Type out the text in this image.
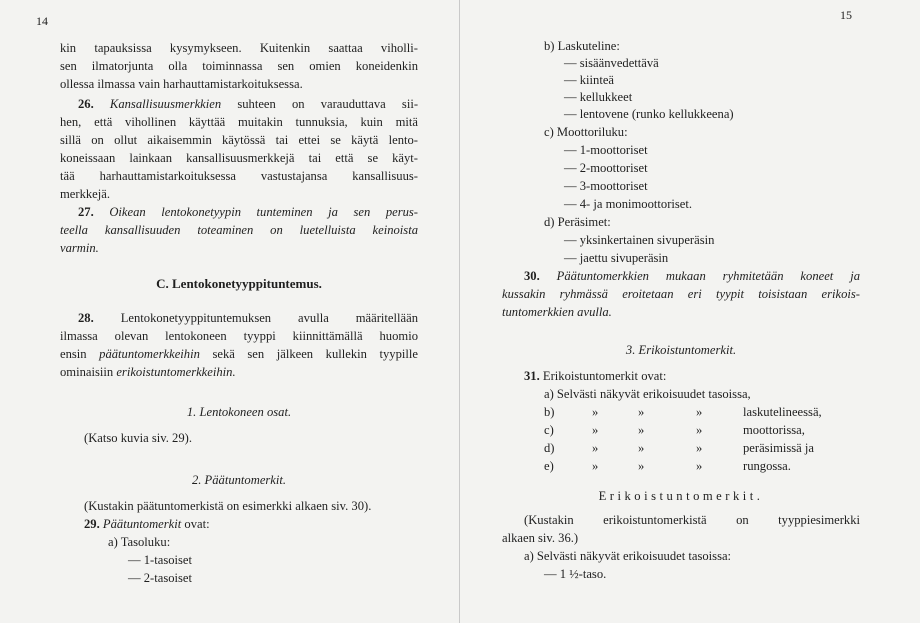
14
kin tapauksissa kysymykseen. Kuitenkin saattaa viholli-
sen ilmatorjunta olla toiminnassa sen omien koneidenkin
ollessa ilmassa vain harhauttamistarkoituksessa.
26. Kansallisuusmerkkien suhteen on varauduttava sii-
hen, että vihollinen käyttää muitakin tunnuksia, kuin mitä
sillä on ollut aikaisemmin käytössä tai ettei se käytä lento-
koneissaan lainkaan kansallisuusmerkkejä tai että se käyt-
tää harhauttamistarkoituksessa vastustajansa kansallisuus-
merkkejä.
27. Oikean lentokonetyypin tunteminen ja sen perus-
teella kansallisuuden toteaminen on luetelluista keinoista
varmin.
C. Lentokonetyyppituntemus.
28. Lentokonetyyppituntemuksen avulla määritellään
ilmassa olevan lentokoneen tyyppi kiinnittämällä huomio
ensin päätuntomerkkeihin sekä sen jälkeen kullekin tyypille
ominaisiin erikoistuntomerkkeihin.
1. Lentokoneen osat.
(Katso kuvia siv. 29).
2. Päätuntomerkit.
(Kustakin päätuntomerkistä on esimerkki alkaen siv. 30).
29. Päätuntomerkit ovat:
a) Tasoluku:
— 1-tasoiset
— 2-tasoiset
15
b) Laskuteline:
— sisäänvedettävä
— kiinteä
— kellukkeet
— lentovene (runko kellukkeena)
c) Moottoriluku:
— 1-moottoriset
— 2-moottoriset
— 3-moottoriset
— 4- ja monimoottoriset.
d) Peräsimet:
— yksinkertainen sivuperäsin
— jaettu sivuperäsin
30. Päätuntomerkkien mukaan ryhmitetään koneet ja
kussakin ryhmässä eroitetaan eri tyypit toisistaan erikois-
tuntomerkkien avulla.
3. Erikoistuntomerkit.
31. Erikoistuntomerkit ovat:
a) Selvästi näkyvät erikoisuudet tasoissa,
b)	»	»	»	laskutelineessä,
c)	»	»	»	moottorissa,
d)	»	»	»	peräsimissä ja
e)	»	»	»	rungossa.
Erikoistuntomerkit.
(Kustakin erikoistuntomerkistä on tyyppiesimerkki
alkaen siv. 36.)
a) Selvästi näkyvät erikoisuudet tasoissa:
— 1 ½-taso.
